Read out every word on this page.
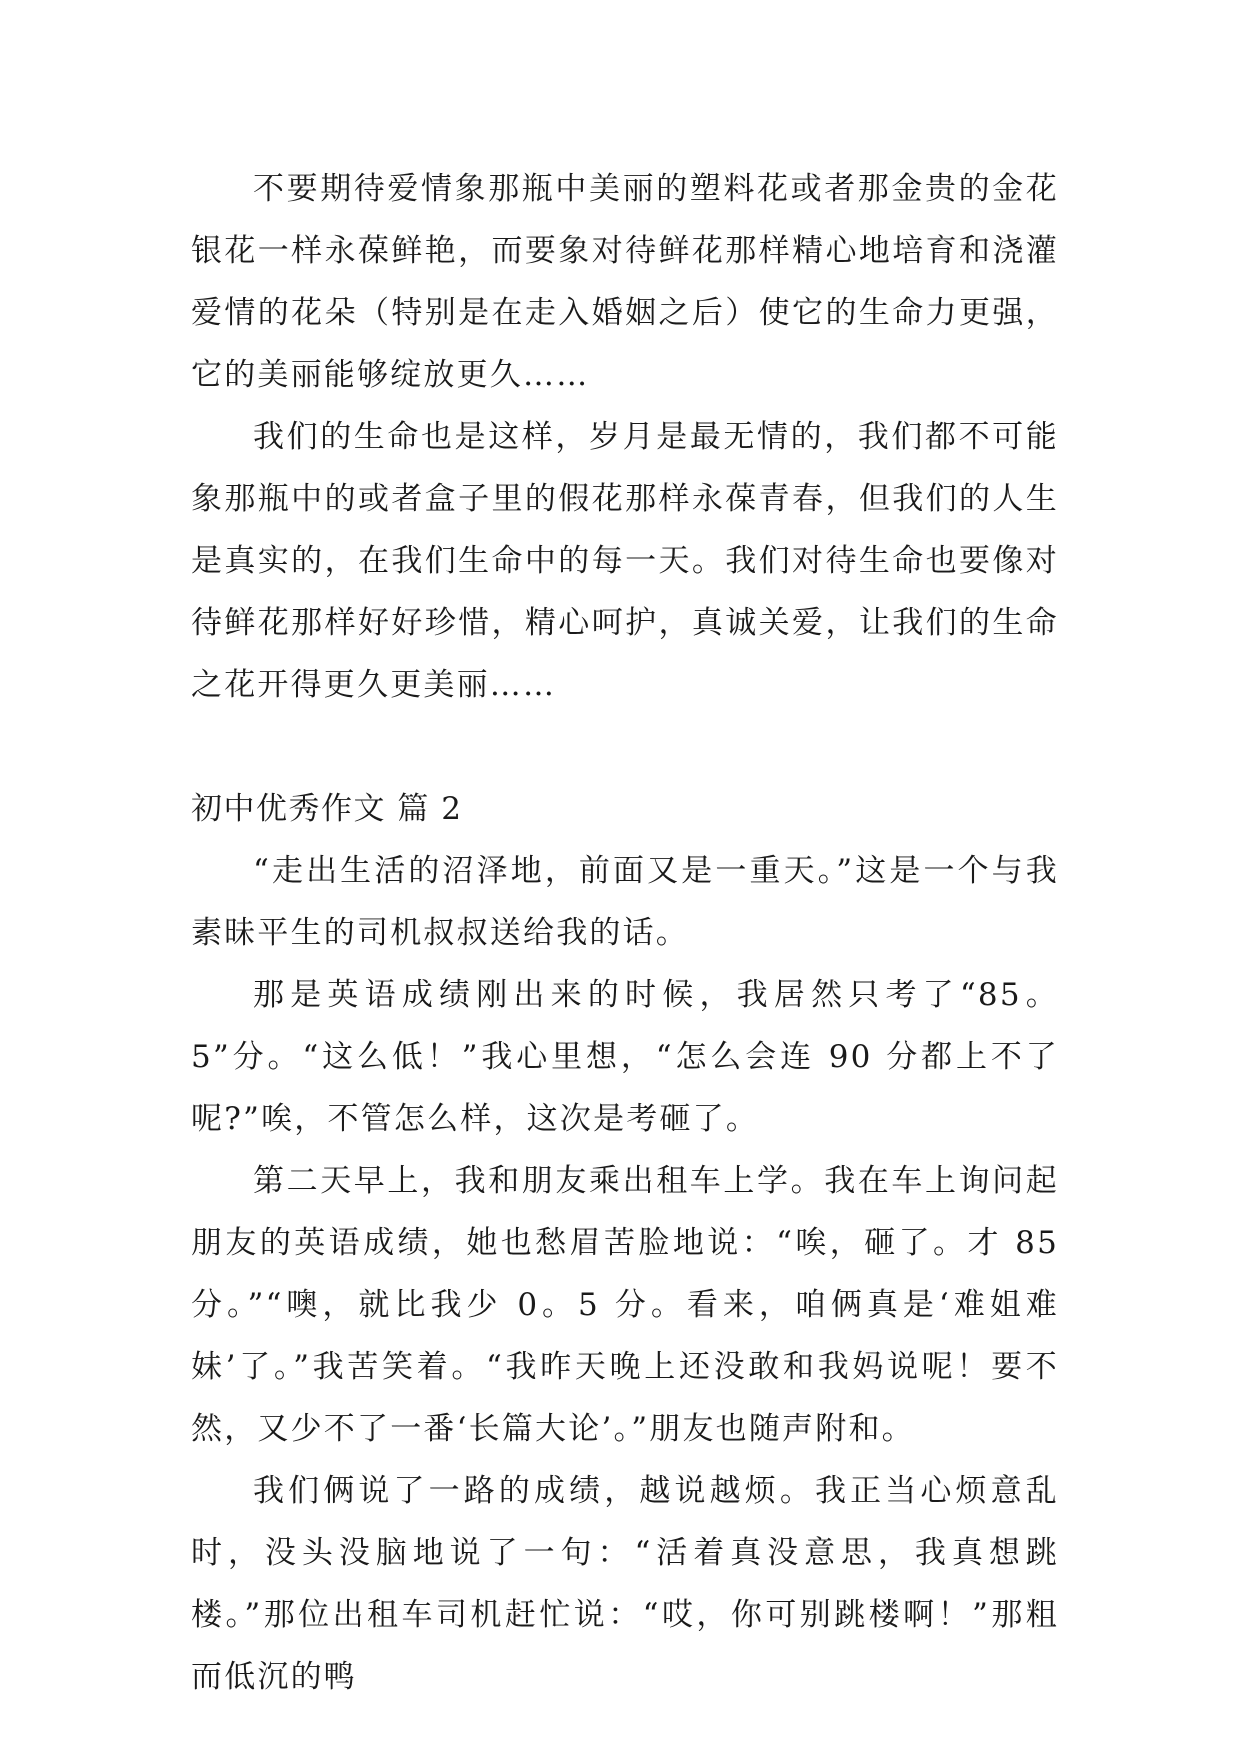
不要期待爱情象那瓶中美丽的塑料花或者那金贵的金花银花一样永葆鲜艳，而要象对待鲜花那样精心地培育和浇灌爱情的花朵（特别是在走入婚姻之后）使它的生命力更强，它的美丽能够绽放更久……

我们的生命也是这样，岁月是最无情的，我们都不可能象那瓶中的或者盒子里的假花那样永葆青春，但我们的人生是真实的，在我们生命中的每一天。我们对待生命也要像对待鲜花那样好好珍惜，精心呵护，真诚关爱，让我们的生命之花开得更久更美丽……

初中优秀作文 篇 2

“走出生活的沼泽地，前面又是一重天。”这是一个与我素昧平生的司机叔叔送给我的话。

那是英语成绩刚出来的时候，我居然只考了“85。5”分。“这么低！”我心里想，“怎么会连 90 分都上不了呢?”唉，不管怎么样，这次是考砸了。

第二天早上，我和朋友乘出租车上学。我在车上询问起朋友的英语成绩，她也愁眉苦脸地说：“唉，砸了。才 85 分。”“噢，就比我少 0。5 分。看来，咱俩真是‘难姐难妹’了。”我苦笑着。“我昨天晚上还没敢和我妈说呢！要不然，又少不了一番‘长篇大论’。”朋友也随声附和。

我们俩说了一路的成绩，越说越烦。我正当心烦意乱时，没头没脑地说了一句：“活着真没意思，我真想跳楼。”那位出租车司机赶忙说：“哎，你可别跳楼啊！”那粗而低沉的鸭
